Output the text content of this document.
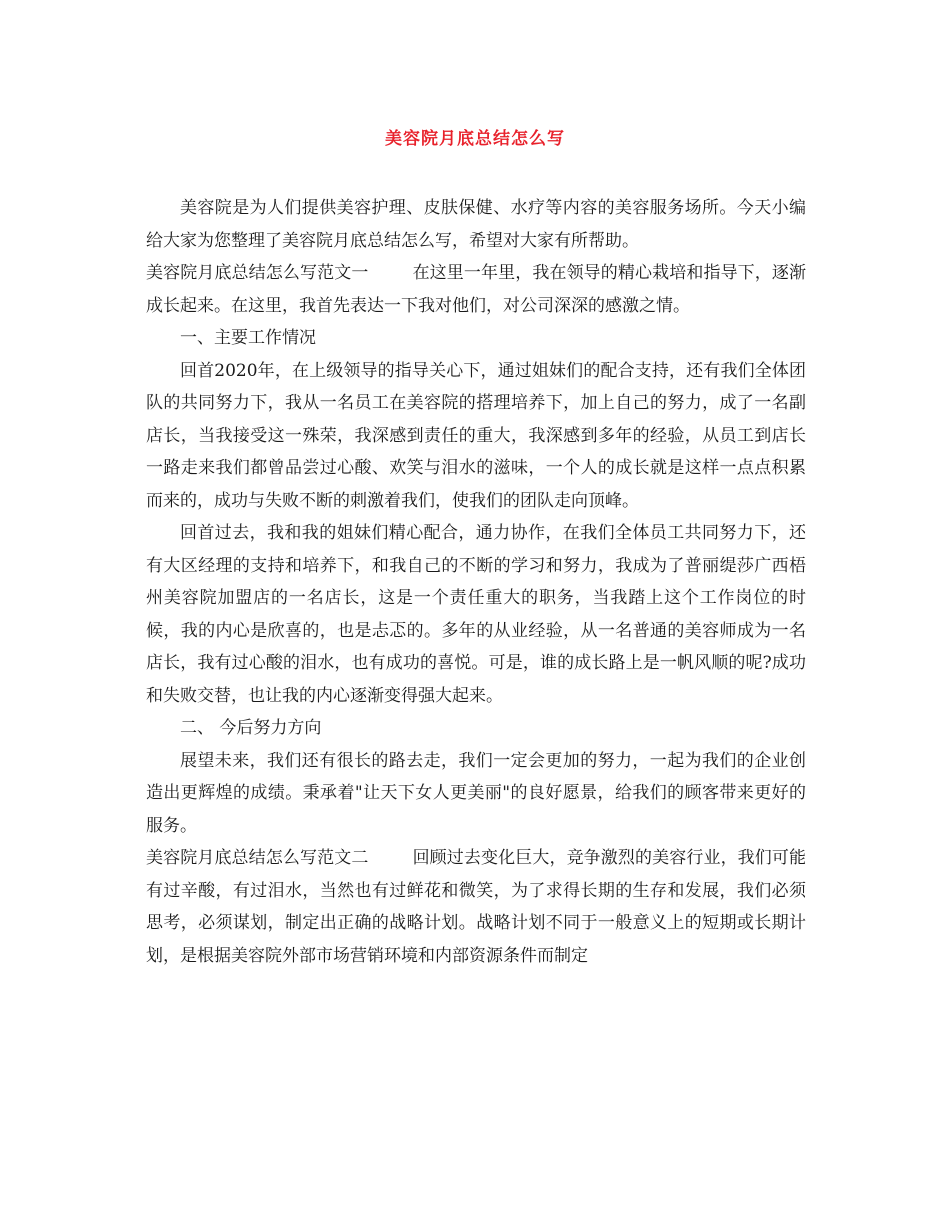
美容院月底总结怎么写

美容院是为人们提供美容护理、皮肤保健、水疗等内容的美容服务场所。今天小编给大家为您整理了美容院月底总结怎么写，希望对大家有所帮助。

美容院月底总结怎么写范文一	在这里一年里，我在领导的精心栽培和指导下，逐渐成长起来。在这里，我首先表达一下我对他们，对公司深深的感激之情。

一、主要工作情况

回首2020年，在上级领导的指导关心下，通过姐妹们的配合支持，还有我们全体团队的共同努力下，我从一名员工在美容院的搭理培养下，加上自己的努力，成了一名副店长，当我接受这一殊荣，我深感到责任的重大，我深感到多年的经验，从员工到店长一路走来我们都曾品尝过心酸、欢笑与泪水的滋味，一个人的成长就是这样一点点积累而来的，成功与失败不断的刺激着我们，使我们的团队走向顶峰。

回首过去，我和我的姐妹们精心配合，通力协作，在我们全体员工共同努力下，还有大区经理的支持和培养下，和我自己的不断的学习和努力，我成为了普丽缇莎广西梧州美容院加盟店的一名店长，这是一个责任重大的职务，当我踏上这个工作岗位的时候，我的内心是欣喜的，也是忐忑的。多年的从业经验，从一名普通的美容师成为一名店长，我有过心酸的泪水，也有成功的喜悦。可是，谁的成长路上是一帆风顺的呢?成功和失败交替，也让我的内心逐渐变得强大起来。

二、 今后努力方向

展望未来，我们还有很长的路去走，我们一定会更加的努力，一起为我们的企业创造出更辉煌的成绩。秉承着"让天下女人更美丽"的良好愿景，给我们的顾客带来更好的服务。

美容院月底总结怎么写范文二	回顾过去变化巨大，竞争激烈的美容行业，我们可能有过辛酸，有过泪水，当然也有过鲜花和微笑，为了求得长期的生存和发展，我们必须思考，必须谋划，制定出正确的战略计划。战略计划不同于一般意义上的短期或长期计划，是根据美容院外部市场营销环境和内部资源条件而制定
